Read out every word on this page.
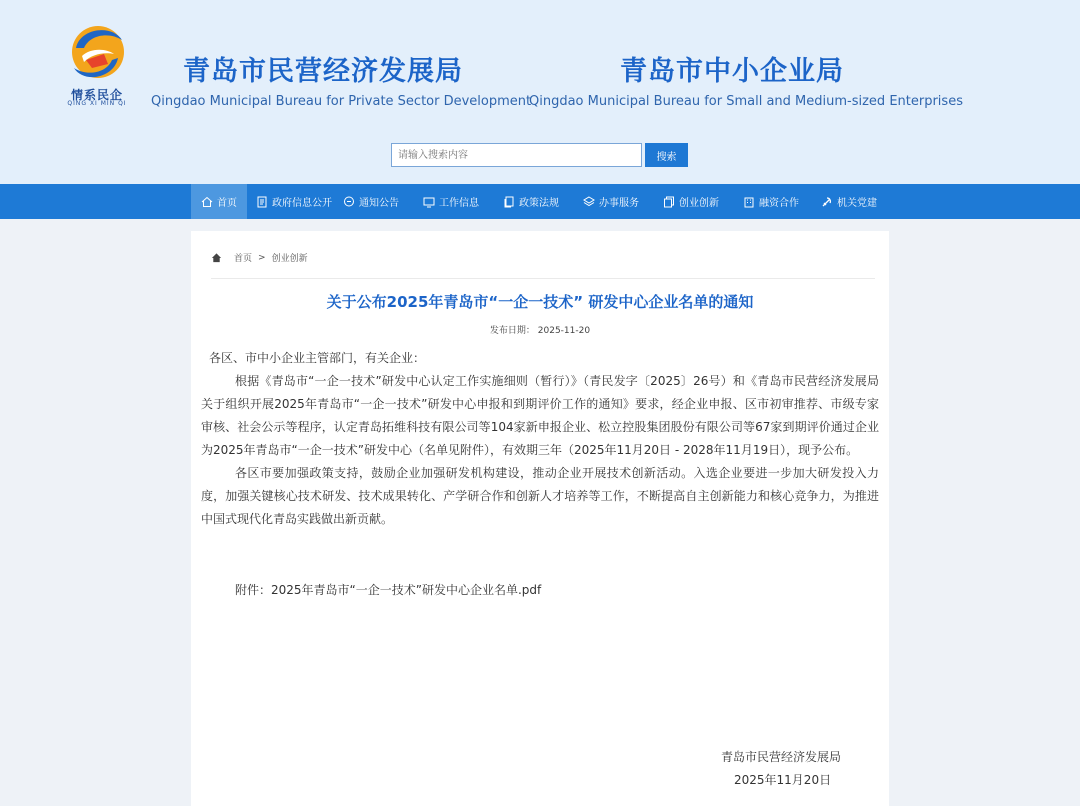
情系民企
QING XI MIN QI
青岛市民营经济发展局
Qingdao Municipal Bureau for Private Sector Development
青岛市中小企业局
Qingdao Municipal Bureau for Small and Medium-sized Enterprises
请输入搜索内容
搜索
首页	政府信息公开	通知公告	工作信息	政策法规	办事服务	创业创新	融资合作	机关党建
首页 > 创业创新
关于公布2025年青岛市“一企一技术” 研发中心企业名单的通知
发布日期： 2025-11-20

各区、市中小企业主管部门，有关企业：

根据《青岛市“一企一技术”研发中心认定工作实施细则（暂行）》（青民发字〔2025〕26号）和《青岛市民营经济发展局关于组织开展2025年青岛市“一企一技术”研发中心申报和到期评价工作的通知》要求，经企业申报、区市初审推荐、市级专家审核、社会公示等程序，认定青岛拓维科技有限公司等104家新申报企业、松立控股集团股份有限公司等67家到期评价通过企业为2025年青岛市“一企一技术”研发中心（名单见附件），有效期三年（2025年11月20日 - 2028年11月19日），现予公布。

各区市要加强政策支持，鼓励企业加强研发机构建设，推动企业开展技术创新活动。入选企业要进一步加大研发投入力度，加强关键核心技术研发、技术成果转化、产学研合作和创新人才培养等工作，不断提高自主创新能力和核心竞争力，为推进中国式现代化青岛实践做出新贡献。

附件：2025年青岛市“一企一技术”研发中心企业名单.pdf
青岛市民营经济发展局
2025年11月20日
